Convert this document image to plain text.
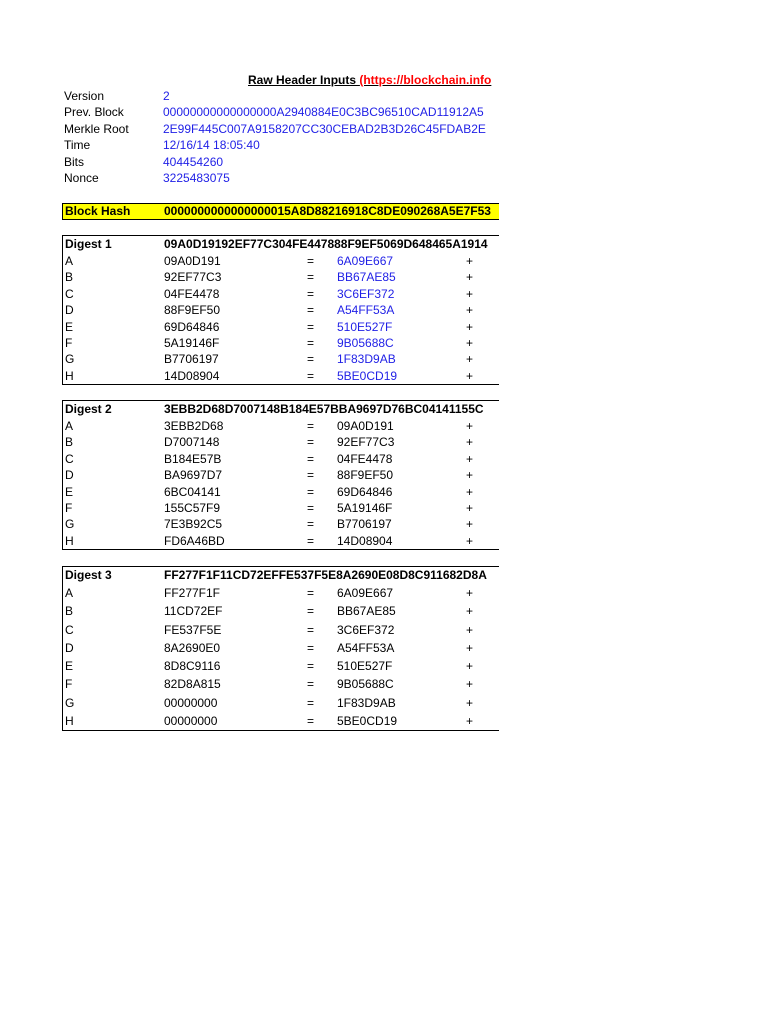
Raw Header Inputs (https://blockchain.info
Version	2
Prev. Block	00000000000000000A2940884E0C3BC96510CAD11912A5
Merkle Root	2E99F445C007A9158207CC30CEBAD2B3D26C45FDAB2E
Time	12/16/14 18:05:40
Bits	404454260
Nonce	3225483075
Block Hash	0000000000000000015A8D88216918C8DE090268A5E7F53
Digest 1	09A0D19192EF77C304FE447888F9EF5069D648465A1914
A	09A0D191	= 6A09E667	+
B	92EF77C3	= BB67AE85	+
C	04FE4478	= 3C6EF372	+
D	88F9EF50	= A54FF53A	+
E	69D64846	= 510E527F	+
F	5A19146F	= 9B05688C	+
G	B7706197	= 1F83D9AB	+
H	14D08904	= 5BE0CD19	+
Digest 2	3EBB2D68D7007148B184E57BBA9697D76BC04141155C
A	3EBB2D68	= 09A0D191	+
B	D7007148	= 92EF77C3	+
C	B184E57B	= 04FE4478	+
D	BA9697D7	= 88F9EF50	+
E	6BC04141	= 69D64846	+
F	155C57F9	= 5A19146F	+
G	7E3B92C5	= B7706197	+
H	FD6A46BD	= 14D08904	+
Digest 3	FF277F1F11CD72EFFE537F5E8A2690E08D8C911682D8A
A	FF277F1F	= 6A09E667	+
B	11CD72EF	= BB67AE85	+
C	FE537F5E	= 3C6EF372	+
D	8A2690E0	= A54FF53A	+
E	8D8C9116	= 510E527F	+
F	82D8A815	= 9B05688C	+
G	00000000	= 1F83D9AB	+
H	00000000	= 5BE0CD19	+
